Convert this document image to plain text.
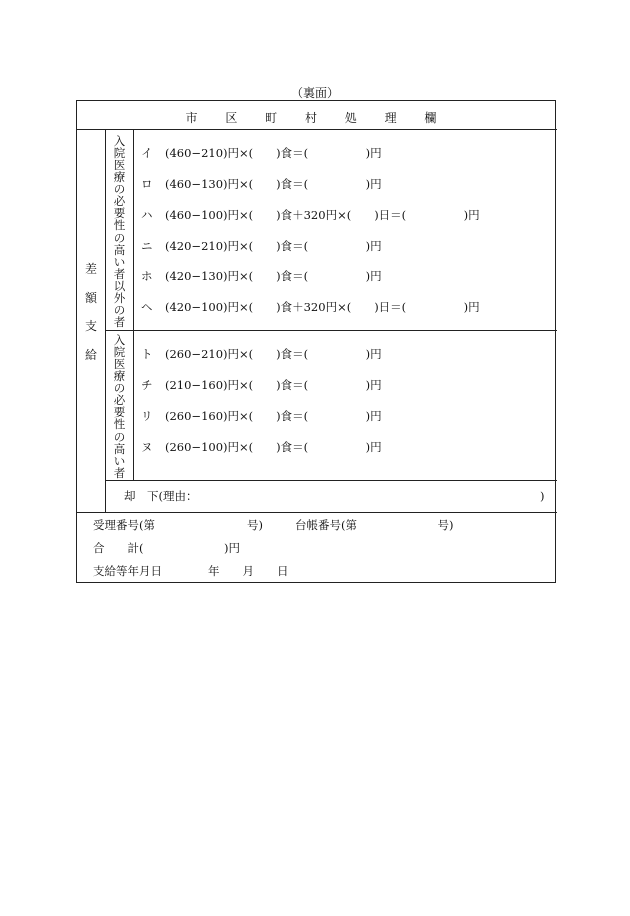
（裏面）
市 区 町 村 処 理 欄
差
額
支
給
入
院
医
療
の
必
要
性
の
高
い
者
以
外
の
者
イ (460−210)円×(　　)食＝(　　　　　)円
ロ (460−130)円×(　　)食＝(　　　　　)円
ハ (460−100)円×(　　)食＋320円×(　　)日＝(　　　　　)円
ニ (420−210)円×(　　)食＝(　　　　　)円
ホ (420−130)円×(　　)食＝(　　　　　)円
ヘ (420−100)円×(　　)食＋320円×(　　)日＝(　　　　　)円
入
院
医
療
の
必
要
性
の
高
い
者
ト (260−210)円×(　　)食＝(　　　　　)円
チ (210−160)円×(　　)食＝(　　　　　)円
リ (260−160)円×(　　)食＝(　　　　　)円
ヌ (260−100)円×(　　)食＝(　　　　　)円
却　下(理由：	)
受理番号(第　　　　　　　　号)	台帳番号(第　　　　　　　号)
合　　計(　　　　　　　)円
支給等年月日　　　　年　　月　　日
